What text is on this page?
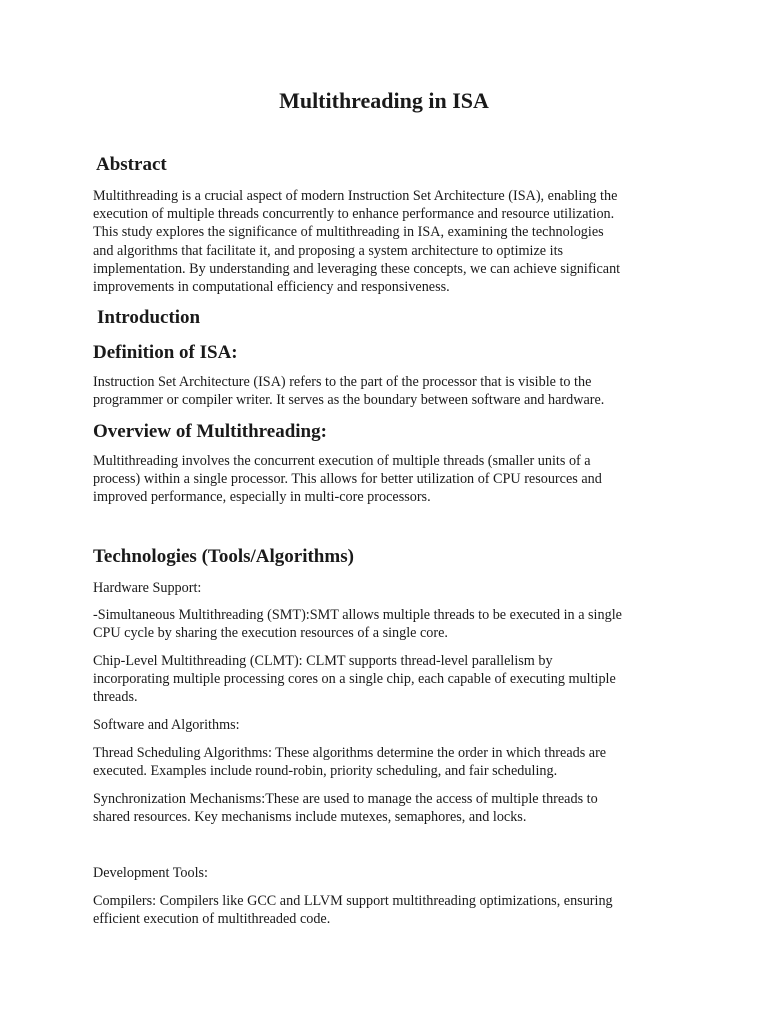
Multithreading in ISA
Abstract

Multithreading is a crucial aspect of modern Instruction Set Architecture (ISA), enabling the
execution of multiple threads concurrently to enhance performance and resource utilization.
This study explores the significance of multithreading in ISA, examining the technologies
and algorithms that facilitate it, and proposing a system architecture to optimize its
implementation. By understanding and leveraging these concepts, we can achieve significant
improvements in computational efficiency and responsiveness.

Introduction
Definition of ISA:

Instruction Set Architecture (ISA) refers to the part of the processor that is visible to the
programmer or compiler writer. It serves as the boundary between software and hardware.

Overview of Multithreading:

Multithreading involves the concurrent execution of multiple threads (smaller units of a
process) within a single processor. This allows for better utilization of CPU resources and
improved performance, especially in multi-core processors.

Technologies (Tools/Algorithms)

Hardware Support:

-Simultaneous Multithreading (SMT):SMT allows multiple threads to be executed in a single
CPU cycle by sharing the execution resources of a single core.

Chip-Level Multithreading (CLMT): CLMT supports thread-level parallelism by
incorporating multiple processing cores on a single chip, each capable of executing multiple
threads.

Software and Algorithms:

Thread Scheduling Algorithms: These algorithms determine the order in which threads are
executed. Examples include round-robin, priority scheduling, and fair scheduling.

Synchronization Mechanisms:These are used to manage the access of multiple threads to
shared resources. Key mechanisms include mutexes, semaphores, and locks.

Development Tools:

Compilers: Compilers like GCC and LLVM support multithreading optimizations, ensuring
efficient execution of multithreaded code.
